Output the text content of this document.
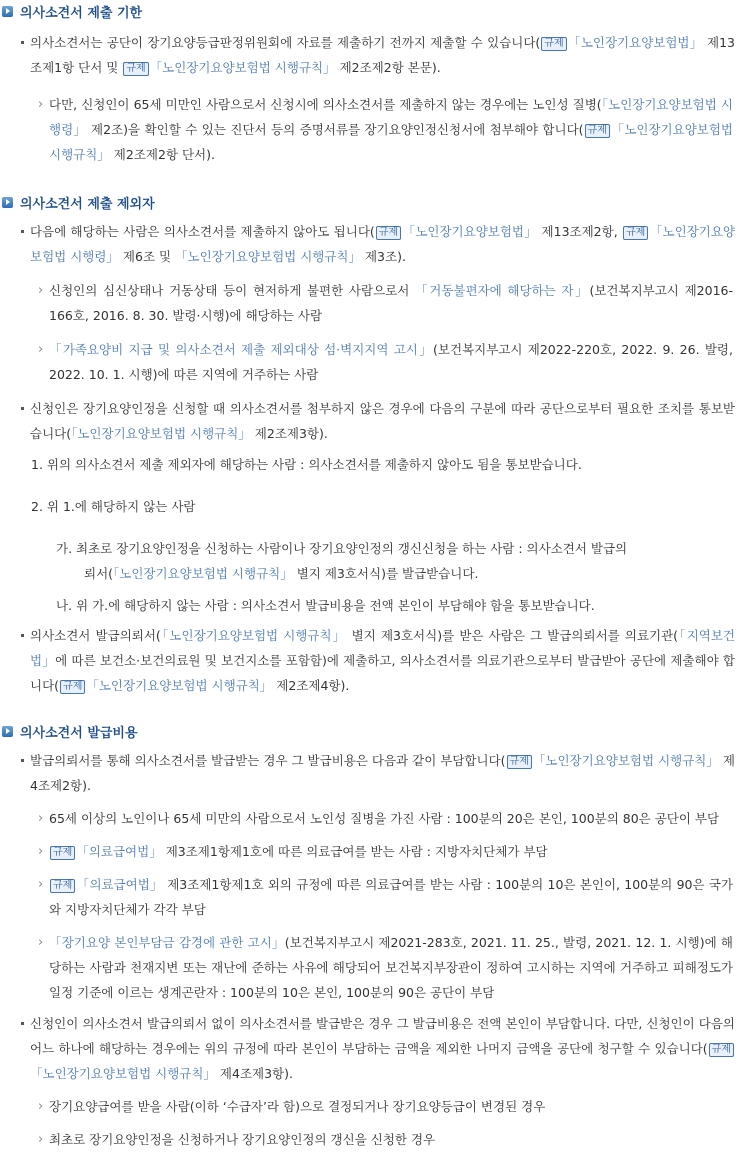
의사소견서 제출 기한

의사소견서는 공단이 장기요양등급판정위원회에 자료를 제출하기 전까지 제출할 수 있습니다( 규제 「노인장기요양보험법」 제13조제1항 단서 및 규제 「노인장기요양보험법 시행규칙」 제2조제2항 본문).

› 다만, 신청인이 65세 미만인 사람으로서 신청시에 의사소견서를 제출하지 않는 경우에는 노인성 질병(「노인장기요양보험법 시행령」 제2조)을 확인할 수 있는 진단서 등의 증명서류를 장기요양인정신청서에 첨부해야 합니다( 규제 「노인장기요양보험법 시행규칙」 제2조제2항 단서).

의사소견서 제출 제외자

다음에 해당하는 사람은 의사소견서를 제출하지 않아도 됩니다( 규제 「노인장기요양보험법」 제13조제2항, 규제 「노인장기요양보험법 시행령」 제6조 및 「노인장기요양보험법 시행규칙」 제3조).

› 신청인의 심신상태나 거동상태 등이 현저하게 불편한 사람으로서 「거동불편자에 해당하는 자」(보건복지부고시 제2016-166호, 2016. 8. 30. 발령·시행)에 해당하는 사람

› 「가족요양비 지급 및 의사소견서 제출 제외대상 섬·벽지지역 고시」(보건복지부고시 제2022-220호, 2022. 9. 26. 발령, 2022. 10. 1. 시행)에 따른 지역에 거주하는 사람

신청인은 장기요양인정을 신청할 때 의사소견서를 첨부하지 않은 경우에 다음의 구분에 따라 공단으로부터 필요한 조치를 통보받습니다(「노인장기요양보험법 시행규칙」 제2조제3항).

1. 위의 의사소견서 제출 제외자에 해당하는 사람 : 의사소견서를 제출하지 않아도 됨을 통보받습니다.

2. 위 1.에 해당하지 않는 사람

가. 최초로 장기요양인정을 신청하는 사람이나 장기요양인정의 갱신신청을 하는 사람 : 의사소견서 발급의
뢰서(「노인장기요양보험법 시행규칙」 별지 제3호서식)를 발급받습니다.

나. 위 가.에 해당하지 않는 사람 : 의사소견서 발급비용을 전액 본인이 부담해야 함을 통보받습니다.

의사소견서 발급의뢰서(「노인장기요양보험법 시행규칙」 별지 제3호서식)를 받은 사람은 그 발급의뢰서를 의료기관(「지역보건법」에 따른 보건소·보건의료원 및 보건지소를 포함함)에 제출하고, 의사소견서를 의료기관으로부터 발급받아 공단에 제출해야 합니다( 규제 「노인장기요양보험법 시행규칙」 제2조제4항).

의사소견서 발급비용

발급의뢰서를 통해 의사소견서를 발급받는 경우 그 발급비용은 다음과 같이 부담합니다( 규제 「노인장기요양보험법 시행규칙」 제4조제2항).

› 65세 이상의 노인이나 65세 미만의 사람으로서 노인성 질병을 가진 사람 : 100분의 20은 본인, 100분의 80은 공단이 부담

› 규제 「의료급여법」 제3조제1항제1호에 따른 의료급여를 받는 사람 : 지방자치단체가 부담

› 규제 「의료급여법」 제3조제1항제1호 외의 규정에 따른 의료급여를 받는 사람 : 100분의 10은 본인이, 100분의 90은 국가와 지방자치단체가 각각 부담

› 「장기요양 본인부담금 감경에 관한 고시」(보건복지부고시 제2021-283호, 2021. 11. 25., 발령, 2021. 12. 1. 시행)에 해당하는 사람과 천재지변 또는 재난에 준하는 사유에 해당되어 보건복지부장관이 정하여 고시하는 지역에 거주하고 피해정도가 일정 기준에 이르는 생계곤란자 : 100분의 10은 본인, 100분의 90은 공단이 부담

신청인이 의사소견서 발급의뢰서 없이 의사소견서를 발급받은 경우 그 발급비용은 전액 본인이 부담합니다. 다만, 신청인이 다음의 어느 하나에 해당하는 경우에는 위의 규정에 따라 본인이 부담하는 금액을 제외한 나머지 금액을 공단에 청구할 수 있습니다( 규제「노인장기요양보험법 시행규칙」 제4조제3항).

› 장기요양급여를 받을 사람(이하 ‘수급자’라 함)으로 결정되거나 장기요양등급이 변경된 경우

› 최초로 장기요양인정을 신청하거나 장기요양인정의 갱신을 신청한 경우
